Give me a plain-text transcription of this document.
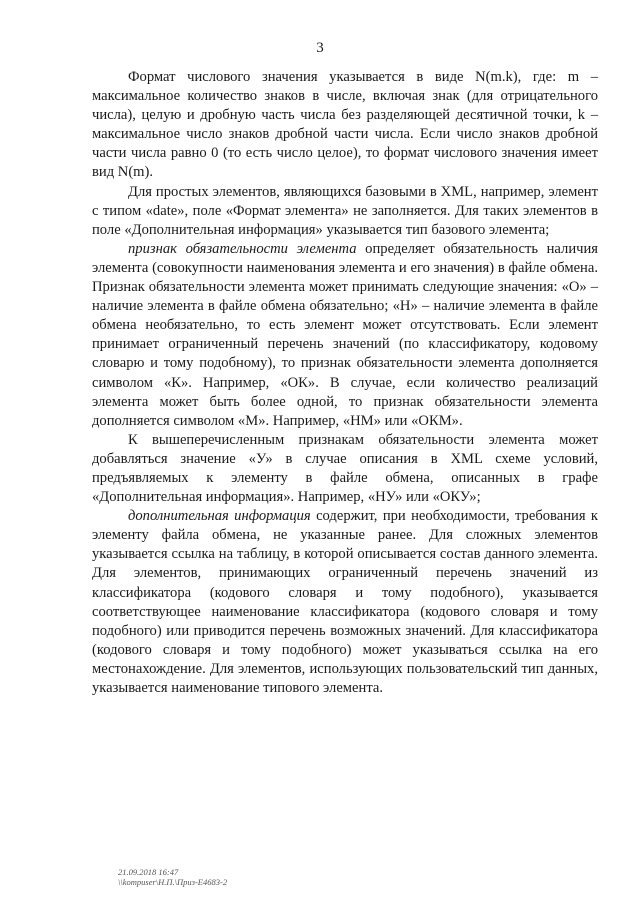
3

Формат числового значения указывается в виде N(m.k), где: m – максимальное количество знаков в числе, включая знак (для отрицательного числа), целую и дробную часть числа без разделяющей десятичной точки, k – максимальное число знаков дробной части числа. Если число знаков дробной части числа равно 0 (то есть число целое), то формат числового значения имеет вид N(m).

Для простых элементов, являющихся базовыми в XML, например, элемент с типом «date», поле «Формат элемента» не заполняется. Для таких элементов в поле «Дополнительная информация» указывается тип базового элемента;

признак обязательности элемента определяет обязательность наличия элемента (совокупности наименования элемента и его значения) в файле обмена. Признак обязательности элемента может принимать следующие значения: «О» – наличие элемента в файле обмена обязательно; «Н» – наличие элемента в файле обмена необязательно, то есть элемент может отсутствовать. Если элемент принимает ограниченный перечень значений (по классификатору, кодовому словарю и тому подобному), то признак обязательности элемента дополняется символом «К». Например, «ОК». В случае, если количество реализаций элемента может быть более одной, то признак обязательности элемента дополняется символом «М». Например, «НМ» или «ОКМ».

К вышеперечисленным признакам обязательности элемента может добавляться значение «У» в случае описания в XML схеме условий, предъявляемых к элементу в файле обмена, описанных в графе «Дополнительная информация». Например, «НУ» или «ОКУ»;

дополнительная информация содержит, при необходимости, требования к элементу файла обмена, не указанные ранее. Для сложных элементов указывается ссылка на таблицу, в которой описывается состав данного элемента. Для элементов, принимающих ограниченный перечень значений из классификатора (кодового словаря и тому подобного), указывается соответствующее наименование классификатора (кодового словаря и тому подобного) или приводится перечень возможных значений. Для классификатора (кодового словаря и тому подобного) может указываться ссылка на его местонахождение. Для элементов, использующих пользовательский тип данных, указывается наименование типового элемента.

21.09.2018 16:47
\\kompuser\Н.П.\Приз-Е4683-2
